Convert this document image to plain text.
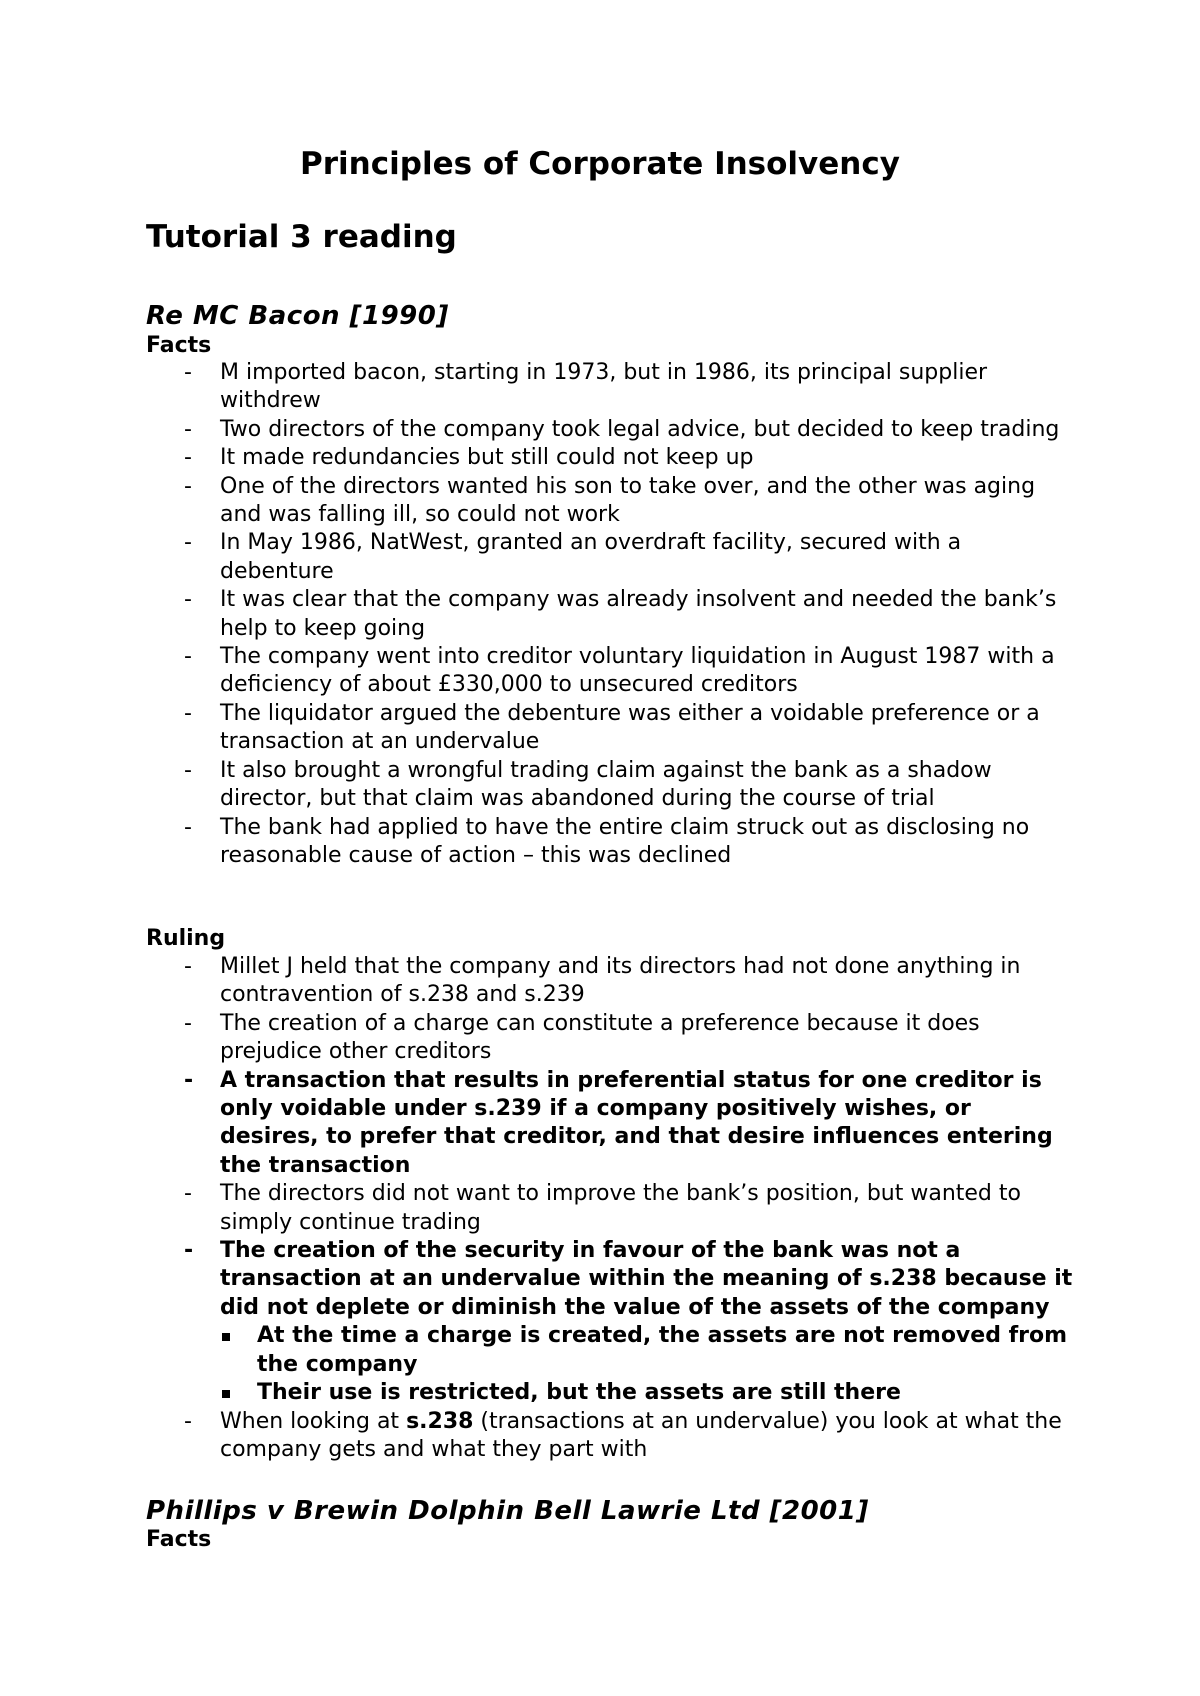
Principles of Corporate Insolvency
Tutorial 3 reading
Re MC Bacon [1990]
Facts
- M imported bacon, starting in 1973, but in 1986, its principal supplier withdrew
- Two directors of the company took legal advice, but decided to keep trading
- It made redundancies but still could not keep up
- One of the directors wanted his son to take over, and the other was aging and was falling ill, so could not work
- In May 1986, NatWest, granted an overdraft facility, secured with a debenture
- It was clear that the company was already insolvent and needed the bank’s help to keep going
- The company went into creditor voluntary liquidation in August 1987 with a deficiency of about £330,000 to unsecured creditors
- The liquidator argued the debenture was either a voidable preference or a transaction at an undervalue
- It also brought a wrongful trading claim against the bank as a shadow director, but that claim was abandoned during the course of trial
- The bank had applied to have the entire claim struck out as disclosing no reasonable cause of action – this was declined
Ruling
- Millet J held that the company and its directors had not done anything in contravention of s.238 and s.239
- The creation of a charge can constitute a preference because it does prejudice other creditors
- A transaction that results in preferential status for one creditor is only voidable under s.239 if a company positively wishes, or desires, to prefer that creditor, and that desire influences entering the transaction
- The directors did not want to improve the bank’s position, but wanted to simply continue trading
- The creation of the security in favour of the bank was not a transaction at an undervalue within the meaning of s.238 because it did not deplete or diminish the value of the assets of the company
At the time a charge is created, the assets are not removed from the company
Their use is restricted, but the assets are still there
- When looking at s.238 (transactions at an undervalue) you look at what the company gets and what they part with
Phillips v Brewin Dolphin Bell Lawrie Ltd [2001]
Facts
